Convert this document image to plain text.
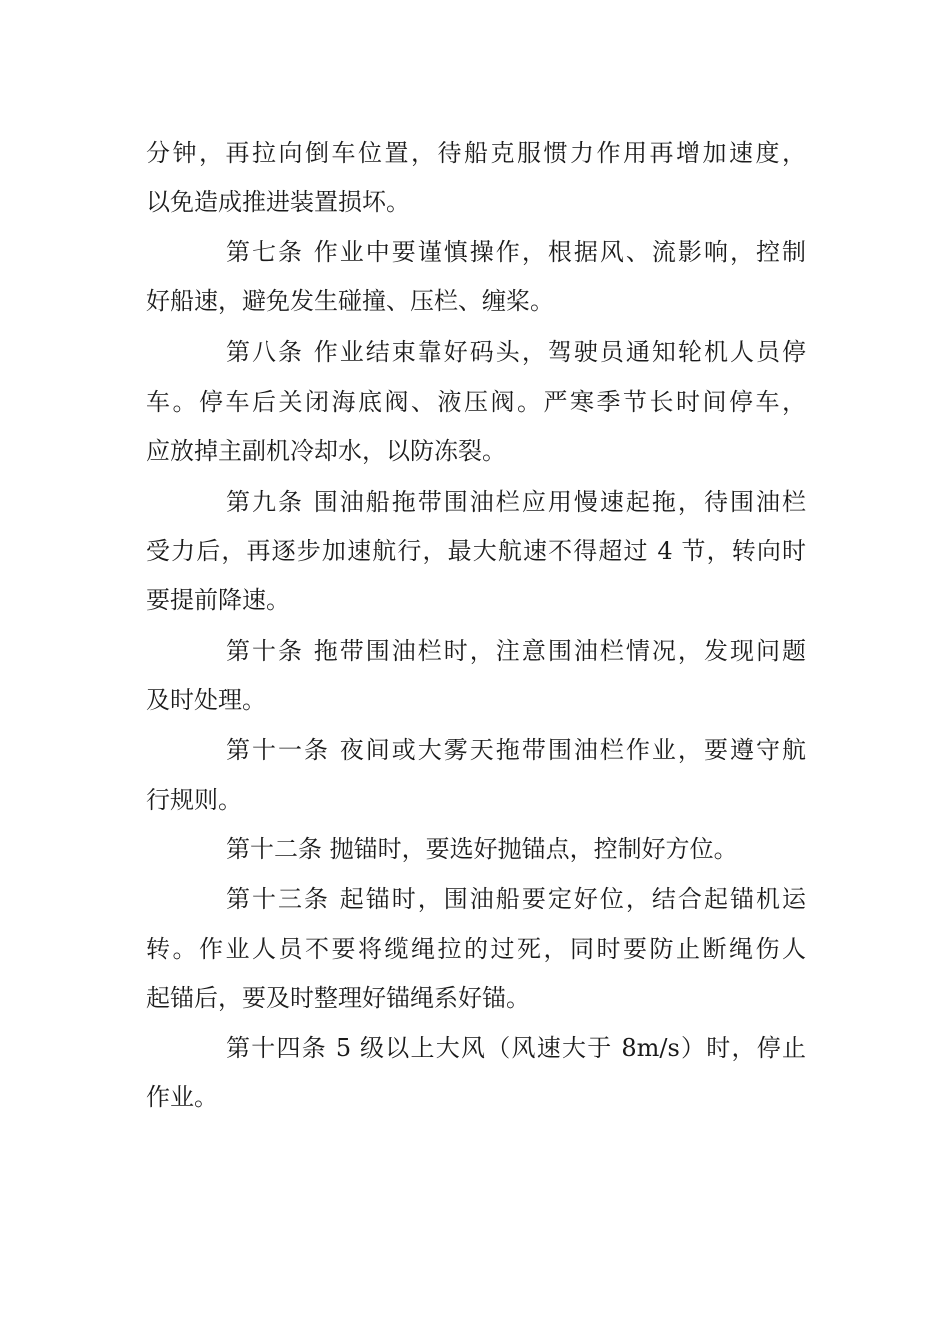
分钟，再拉向倒车位置，待船克服惯力作用再增加速度，
以免造成推进装置损坏。
第七条 作业中要谨慎操作，根据风、流影响，控制
好船速，避免发生碰撞、压栏、缠桨。
第八条 作业结束靠好码头，驾驶员通知轮机人员停
车。停车后关闭海底阀、液压阀。严寒季节长时间停车，
应放掉主副机冷却水，以防冻裂。
第九条 围油船拖带围油栏应用慢速起拖，待围油栏
受力后，再逐步加速航行，最大航速不得超过 4 节，转向时
要提前降速。
第十条 拖带围油栏时，注意围油栏情况，发现问题
及时处理。
第十一条 夜间或大雾天拖带围油栏作业，要遵守航
行规则。
第十二条 抛锚时，要选好抛锚点，控制好方位。
第十三条 起锚时，围油船要定好位，结合起锚机运
转。作业人员不要将缆绳拉的过死，同时要防止断绳伤人
起锚后，要及时整理好锚绳系好锚。
第十四条 5 级以上大风（风速大于 8m/s）时，停止
作业。
